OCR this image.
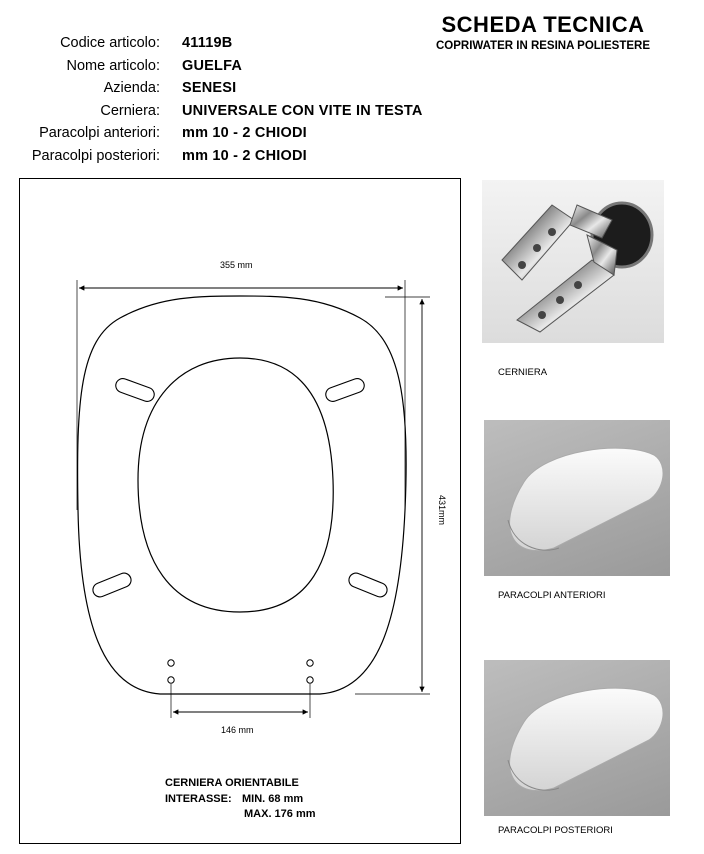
SCHEDA TECNICA
COPRIWATER IN RESINA POLIESTERE
Codice articolo: 41119B
Nome articolo: GUELFA
Azienda: SENESI
Cerniera: UNIVERSALE CON VITE IN TESTA
Paracolpi anteriori: mm 10 - 2 CHIODI
Paracolpi posteriori: mm 10 - 2 CHIODI
355 mm
431mm
146 mm
CERNIERA ORIENTABILE
INTERASSE: MIN. 68 mm
MAX. 176 mm
CERNIERA
PARACOLPI ANTERIORI
PARACOLPI POSTERIORI
